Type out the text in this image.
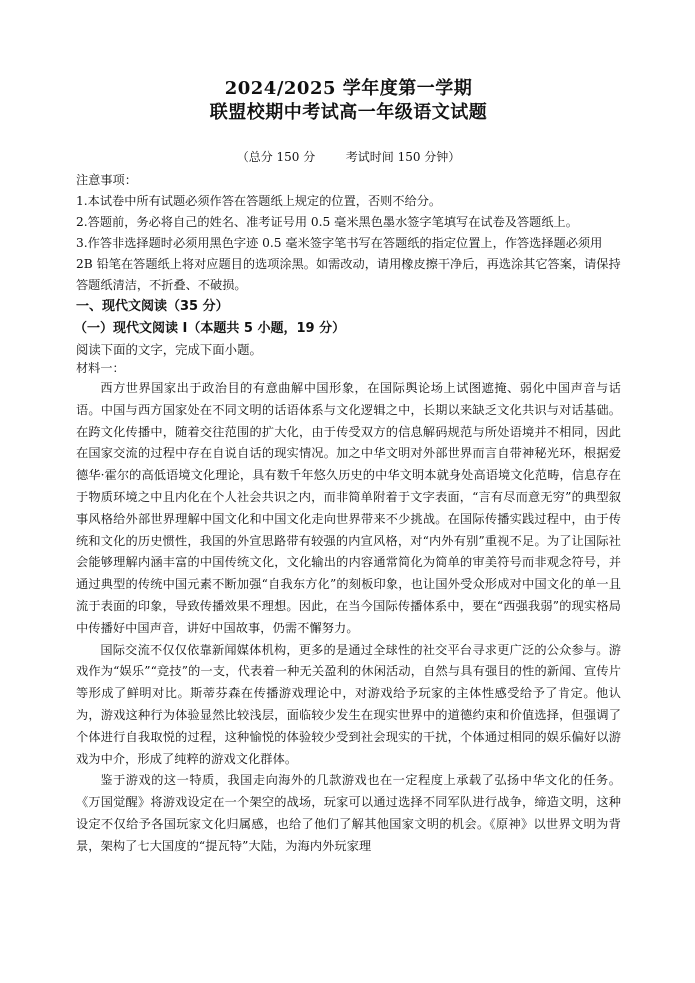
2024/2025 学年度第一学期
联盟校期中考试高一年级语文试题
（总分 150 分        考试时间 150 分钟）
注意事项：
1.本试卷中所有试题必须作答在答题纸上规定的位置，否则不给分。
2.答题前，务必将自己的姓名、准考证号用 0.5 毫米黑色墨水签字笔填写在试卷及答题纸上。
3.作答非选择题时必须用黑色字迹 0.5 毫米签字笔书写在答题纸的指定位置上，作答选择题必须用 2B 铅笔在答题纸上将对应题目的选项涂黑。如需改动，请用橡皮擦干净后，再选涂其它答案，请保持答题纸清洁，不折叠、不破损。
一、现代文阅读（35 分）
（一）现代文阅读 I（本题共 5 小题，19 分）
阅读下面的文字，完成下面小题。
材料一：

西方世界国家出于政治目的有意曲解中国形象，在国际舆论场上试图遮掩、弱化中国声音与话语。中国与西方国家处在不同文明的话语体系与文化逻辑之中，长期以来缺乏文化共识与对话基础。在跨文化传播中，随着交往范围的扩大化，由于传受双方的信息解码规范与所处语境并不相同，因此在国家交流的过程中存在自说自话的现实情况。加之中华文明对外部世界而言自带神秘光环，根据爱德华·霍尔的高低语境文化理论，具有数千年悠久历史的中华文明本就身处高语境文化范畴，信息存在于物质环境之中且内化在个人社会共识之内，而非简单附着于文字表面，“言有尽而意无穷”的典型叙事风格给外部世界理解中国文化和中国文化走向世界带来不少挑战。在国际传播实践过程中，由于传统和文化的历史惯性，我国的外宣思路带有较强的内宣风格，对“内外有别”重视不足。为了让国际社会能够理解内涵丰富的中国传统文化，文化输出的内容通常简化为简单的审美符号而非观念符号，并通过典型的传统中国元素不断加强“自我东方化”的刻板印象，也让国外受众形成对中国文化的单一且流于表面的印象，导致传播效果不理想。因此，在当今国际传播体系中，要在“西强我弱”的现实格局中传播好中国声音，讲好中国故事，仍需不懈努力。

国际交流不仅仅依靠新闻媒体机构，更多的是通过全球性的社交平台寻求更广泛的公众参与。游戏作为“娱乐”“竞技”的一支，代表着一种无关盈利的休闲活动，自然与具有强目的性的新闻、宣传片等形成了鲜明对比。斯蒂芬森在传播游戏理论中，对游戏给予玩家的主体性感受给予了肯定。他认为，游戏这种行为体验显然比较浅层，面临较少发生在现实世界中的道德约束和价值选择，但强调了个体进行自我取悦的过程，这种愉悦的体验较少受到社会现实的干扰，个体通过相同的娱乐偏好以游戏为中介，形成了纯粹的游戏文化群体。

鉴于游戏的这一特质，我国走向海外的几款游戏也在一定程度上承载了弘扬中华文化的任务。《万国觉醒》将游戏设定在一个架空的战场，玩家可以通过选择不同军队进行战争，缔造文明，这种设定不仅给予各国玩家文化归属感，也给了他们了解其他国家文明的机会。《原神》以世界文明为背景，架构了七大国度的“提瓦特”大陆，为海内外玩家理
